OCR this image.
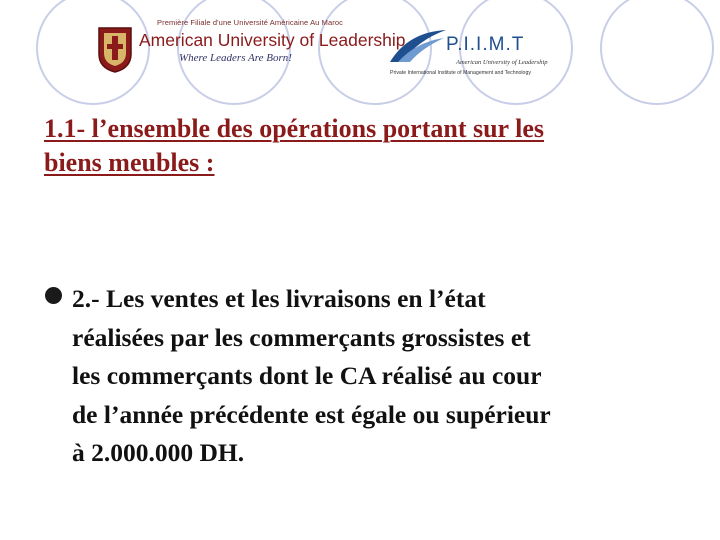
Première Filiale d'une Université Américaine Au Maroc
American University of Leadership
Where Leaders Are Born!
P.I.I.M.T
American University of Leadership
Private International Institute of Management and Technology
1.1- l’ensemble des opérations portant sur les
biens meubles :

2.- Les ventes et les livraisons en l’état
réalisées par les commerçants grossistes et
les commerçants dont le CA réalisé au cour
de l’année précédente est égale ou supérieur
à 2.000.000 DH.
